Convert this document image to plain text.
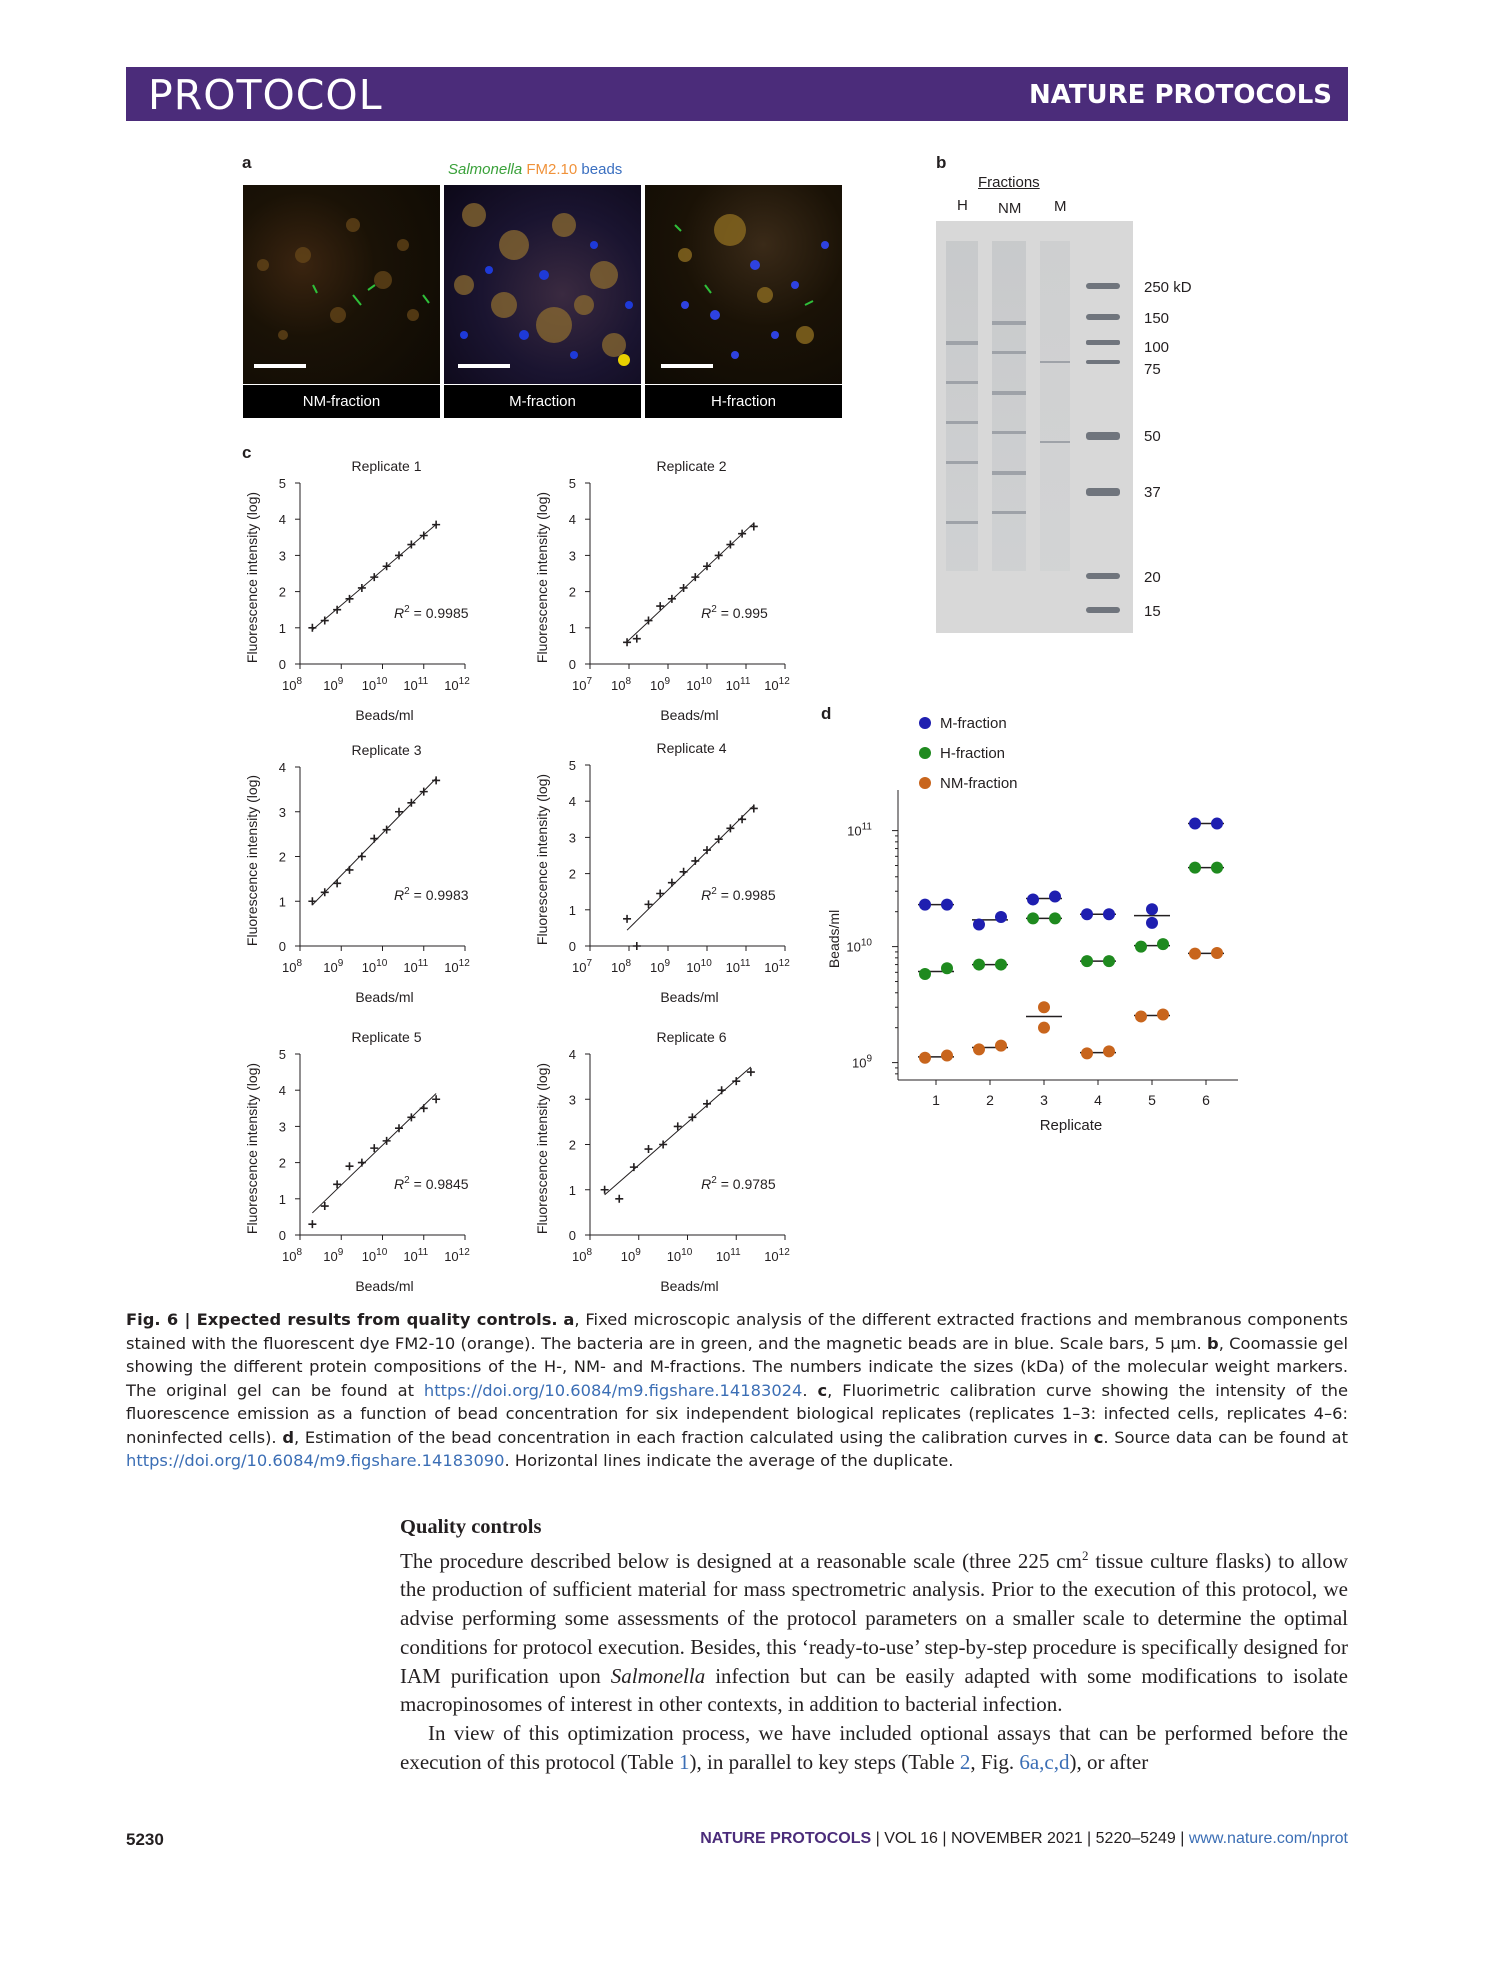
PROTOCOL	NATURE PROTOCOLS
a	Salmonella FM2.10 beads
NM-fraction	M-fraction	H-fraction
b
Fractions
H NM M
250 kD
150
100
75
50
37
20
15
c
d
0
1
2
3
4
5
$10^8$ $10^9$ $10^{10}$ $10^{11}$ $10^{12}$
Replicate 1
Beads/ml
Fluorescence intensity (log)	$R^2 = 0.9985$
0
1
2
3
4
5
$10^7$ $10^8$ $10^9$ $10^{10}$ $10^{11}$ $10^{12}$
Replicate 2
Beads/ml
Fluorescence intensity (log)	$R^2 = 0.995$
0
1
2
3
4
$10^8$ $10^9$ $10^{10}$ $10^{11}$ $10^{12}$
Replicate 3
Beads/ml
Fluorescence intensity (log)	$R^2 = 0.9983$
0
1
2
3
4
5
$10^7$ $10^8$ $10^9$ $10^{10}$ $10^{11}$ $10^{12}$
Replicate 4
Beads/ml
Fluorescence intensity (log)	$R^2 = 0.9985$
0
1
2
3
4
5
$10^8$ $10^9$ $10^{10}$ $10^{11}$ $10^{12}$
Replicate 5
Beads/ml
Fluorescence intensity (log)	$R^2 = 0.9845$
0
1
2
3
4
$10^8$ $10^9$ $10^{10}$ $10^{11}$ $10^{12}$
Replicate 6
Beads/ml
Fluorescence intensity (log)	$R^2 = 0.9785$
$10^9$
$10^{10}$
$10^{11}$
1	2	3	4	5	6
Replicate
Beads/ml
M-fraction
H-fraction
NM-fraction
Fig. 6 | Expected results from quality controls. a, Fixed microscopic analysis of the different extracted fractions and membranous components stained with the fluorescent dye FM2-10 (orange). The bacteria are in green, and the magnetic beads are in blue. Scale bars, 5 µm. b, Coomassie gel showing the different protein compositions of the H-, NM- and M-fractions. The numbers indicate the sizes (kDa) of the molecular weight markers. The original gel can be found at https://doi.org/10.6084/m9.figshare.14183024. c, Fluorimetric calibration curve showing the intensity of the fluorescence emission as a function of bead concentration for six independent biological replicates (replicates 1–3: infected cells, replicates 4–6: noninfected cells). d, Estimation of the bead concentration in each fraction calculated using the calibration curves in c. Source data can be found at https://doi.org/10.6084/m9.figshare.14183090. Horizontal lines indicate the average of the duplicate.
Quality controls

The procedure described below is designed at a reasonable scale (three 225 $cm^2$ tissue culture flasks) to allow the production of sufficient material for mass spectrometric analysis. Prior to the execution of this protocol, we advise performing some assessments of the protocol parameters on a smaller scale to determine the optimal conditions for protocol execution. Besides, this ‘ready-to-use’ step-by-step procedure is specifically designed for IAM purification upon Salmonella infection but can be easily adapted with some modifications to isolate macropinosomes of interest in other contexts, in addition to bacterial infection.

In view of this optimization process, we have included optional assays that can be performed before the execution of this protocol (Table 1), in parallel to key steps (Table 2, Fig. 6a,c,d), or after

5230	NATURE PROTOCOLS | VOL 16 | NOVEMBER 2021 | 5220–5249 | www.nature.com/nprot
